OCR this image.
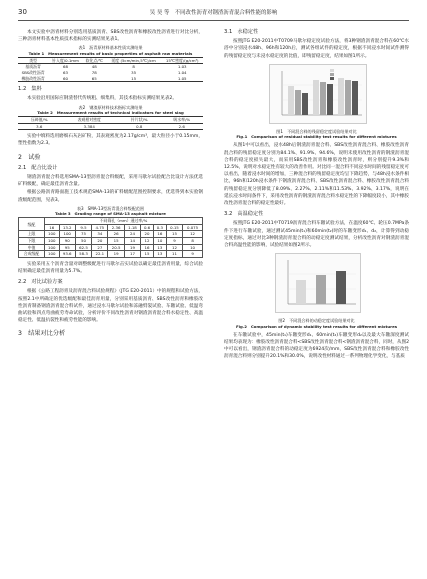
30	吴 昊 等　不同改性沥青对钢渣沥青混合料性能的影响

本文实验中沥青材料分别选用基质沥青、SBS改性沥青和橡胶改性沥青进行对比分析，三种沥青材料基本性质技术指标的实测结果见表1。

表1　沥青原材料基本性质实测结果
Table 1　Measurement results of basic properties of asphalt raw materials
类型	针入度/0.1mm	软化点/℃	延度 (5cm/min,5℃)/cm	15℃密度/(g/cm³)
基质沥青	68	48	8	1.03
SBS改性沥青	63	78	35	1.04
橡胶改性沥青	60	65	15	1.05
1.2　集料

本实验沿用国际应钢渣替代传统粗、细集料，其技术指标实测结果见表2。

表2　钢渣原材料技术指标实测结果
Table 2　Measurement results of technical indicators for steel slag
压碎值/%	表观相对密度	针片状/%	吸水率/%
3.6	3.384	0.8	2.6

实验中填料选用磨细石灰岩矿粉，其表观密度为2.17g/cm³，最大粒径小于0.15mm，塑性指数为2.3。

2　试验
2.1　配合比设计

钢渣沥青混合料选用SMA-13型沥青混合料级配，采用马歇尔试验配合比设计方法优选矿料级配，确定最佳沥青含量。

根据公路沥青路面施工技术规范SMA-13的矿料级配范围控制要求，优选得到本实验钢渣级配范围，见表3。

表3　SMA-13型沥青混合料级配范围
Table 3　Grading range of SMA-13 asphalt mixture
级配	不同筛孔（mm）通过率/%									
	16	13.2	9.5	4.75	2.36	1.18	0.6	0.3	0.15	0.075
上限	100	100	75	34	26	24	20	16	15	12
下限	100	90	50	20	15	14	12	10	9	8
中值	100	95	62.5	27	20.5	19	16	13	12	10
合成级配	100	93.6	58.3	22.1	19	17	15	13	11	9

实验采用五个沥青含量对调整级配进行马歇尔击实试验以确定最佳沥青用量，综合试验结果确定最佳沥青用量为5.7%。

2.2　对比试验方案

根据《公路工程沥青及沥青混合料试验规程》（JTG E20-2011）中的规程和试验方法，按照2.1中所确定的优选级配和最佳沥青用量，分别采用基质沥青、SBS改性沥青和橡胶改性沥青制备钢渣沥青混合料试件，通过浸水马歇尔试验和冻融劈裂试验、车辙试验、低温弯曲试验和四点弯曲疲劳寿命试验，分析评价不同改性沥青对钢渣沥青混合料水稳定性、高温稳定性、低温抗裂性和疲劳性能的影响。

3　结果对比分析
3.1　水稳定性

按照JTG E20-2011中T0709马歇尔稳定度试验方法，将3种钢渣沥青混合料在60℃水浴中分别浸水48h、96h和120h后，测试各组试件的稳定度，根据不同浸水时间试件测得的残留稳定度与未浸水稳定度的比值，即残留稳定度，结果如图1所示。

图1　不同混合料的残留稳定度试验结果对比
Fig.1　Comparison of residual stability test results for different mixtures

从图1中可以看出，浸水48h后钢渣沥青混合料、SBS改性沥青混合料、橡胶改性沥青混合料的残留稳定度分别为84.1%、91.9%、94.6%，说明未使用改性沥青的钢渣沥青混合料的稳定度损失最大，而采用SBS改性沥青和橡胶改性沥青时，则分别提升9.3%和12.5%，说明对水稳定性有较大的改善作用。对比同一混合料不同浸水时间的残留稳定度可以看出，随着浸水时间的增加，三种混合料的残留稳定度均呈下降趋势，与48h浸水条件相比，96h和120h浸水条件下钢渣沥青混合料、SBS改性沥青混合料、橡胶改性沥青混合料的残留稳定度分别降低了8.09%、2.27%、2.11%和11.53%、3.92%、3.17%，说明在延长浸水时间条件下，采用改性沥青的钢渣沥青混合料水稳定性的下降幅度较小，其中橡胶改性沥青混合料的稳定性最好。

3.2　高温稳定性

按照JTG E20-2011中T0719沥青混合料车辙试验方法，在温度60℃、轮压0.7MPa条件下进行车辙试验，通过测试45min(t₁)和60min(t₂)时的车辙变形d₁、d₂，计算得到动稳定度指标，通过对比3种钢渣沥青混合料的动稳定度测试结果，分析改性沥青对钢渣沥青混合料高温性能的影响，试验结果如图2所示。

图2　不同混合料的动稳定度试验结果对比
Fig.2　Comparison of dynamic stability test results for different mixtures

在车辙试验中，45min(t₁)车辙变形d₁、60min(t₂)车辙变形d₂以及最大车辙深度测试结果均表现为：橡胶改性沥青混合料<SBS改性沥青混合料<钢渣沥青混合料，同时，从图2中可以看出，钢渣沥青混合料的动稳定度为6924次/mm，SBS改性沥青混合料和橡胶改性沥青混合料则分别提升20.1%和30.0%，说明改性材料通过一系列物理化学变化，与基质
